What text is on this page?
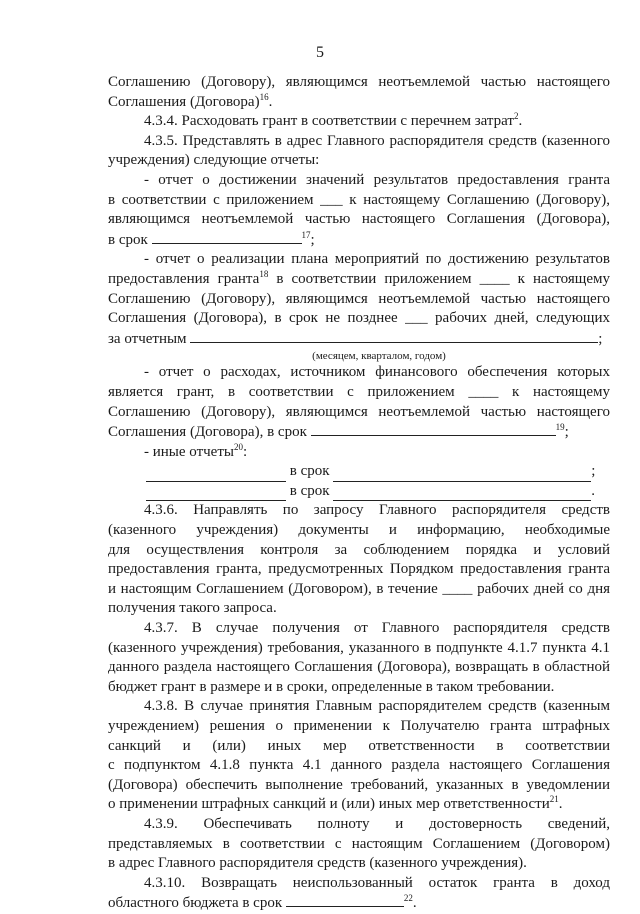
5

Соглашению (Договору), являющимся неотъемлемой частью настоящего

Соглашения (Договора)$^{16}$.

4.3.4. Расходовать грант в соответствии с перечнем затрат$^2$.

4.3.5. Представлять в адрес Главного распорядителя средств (казенного

учреждения) следующие отчеты:

- отчет о достижении значений результатов предоставления гранта

в соответствии с приложением ___ к настоящему Соглашению (Договору),

являющимся неотъемлемой частью настоящего Соглашения (Договора),

в срок	$^{17}$;

- отчет о реализации плана мероприятий по достижению результатов

предоставления гранта$^{18}$ в соответствии приложением ____ к настоящему

Соглашению (Договору), являющимся неотъемлемой частью настоящего

Соглашения (Договора), в срок не позднее ___ рабочих дней, следующих

за отчетным	;

(месяцем, кварталом, годом)

- отчет о расходах, источником финансового обеспечения которых

является грант, в соответствии с приложением ____ к настоящему

Соглашению (Договору), являющимся неотъемлемой частью настоящего

Соглашения (Договора), в срок	$^{19}$;

- иные отчеты$^{20}$:

в срок
	;

в срок
	.

4.3.6. Направлять по запросу Главного распорядителя средств

(казенного учреждения) документы и информацию, необходимые

для осуществления контроля за соблюдением порядка и условий

предоставления гранта, предусмотренных Порядком предоставления гранта

и настоящим Соглашением (Договором), в течение ____ рабочих дней со дня

получения такого запроса.

4.3.7. В случае получения от Главного распорядителя средств

(казенного учреждения) требования, указанного в подпункте 4.1.7 пункта 4.1

данного раздела настоящего Соглашения (Договора), возвращать в областной

бюджет грант в размере и в сроки, определенные в таком требовании.

4.3.8. В случае принятия Главным распорядителем средств (казенным

учреждением) решения о применении к Получателю гранта штрафных

санкций и (или) иных мер ответственности в соответствии

с подпунктом 4.1.8 пункта 4.1 данного раздела настоящего Соглашения

(Договора) обеспечить выполнение требований, указанных в уведомлении

о применении штрафных санкций и (или) иных мер ответственности$^{21}$.

4.3.9. Обеспечивать полноту и достоверность сведений,

представляемых в соответствии с настоящим Соглашением (Договором)

в адрес Главного распорядителя средств (казенного учреждения).

4.3.10. Возвращать неиспользованный остаток гранта в доход

областного бюджета в срок	$^{22}$.
